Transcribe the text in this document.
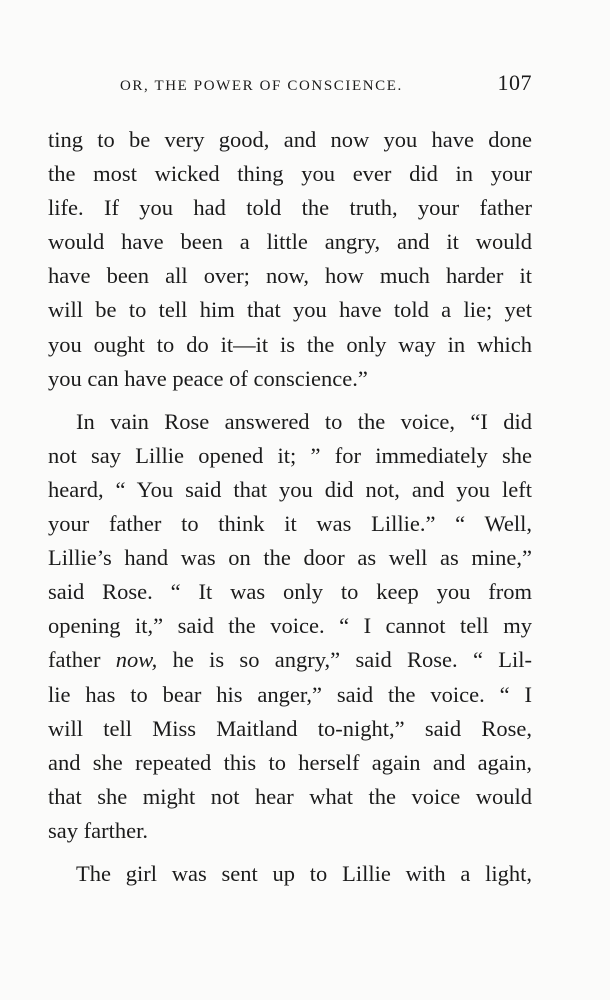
OR, THE POWER OF CONSCIENCE.	107

ting to be very good, and now you have done
the most wicked thing you ever did in your
life. If you had told the truth, your father
would have been a little angry, and it would
have been all over; now, how much harder it
will be to tell him that you have told a lie; yet
you ought to do it—it is the only way in which
you can have peace of conscience.”

In vain Rose answered to the voice, “I did
not say Lillie opened it; ” for immediately she
heard, “ You said that you did not, and you left
your father to think it was Lillie.” “ Well,
Lillie’s hand was on the door as well as mine,”
said Rose. “ It was only to keep you from
opening it,” said the voice. “ I cannot tell my
father now, he is so angry,” said Rose. “ Lil-
lie has to bear his anger,” said the voice. “ I
will tell Miss Maitland to-night,” said Rose,
and she repeated this to herself again and again,
that she might not hear what the voice would
say farther.

The girl was sent up to Lillie with a light,
